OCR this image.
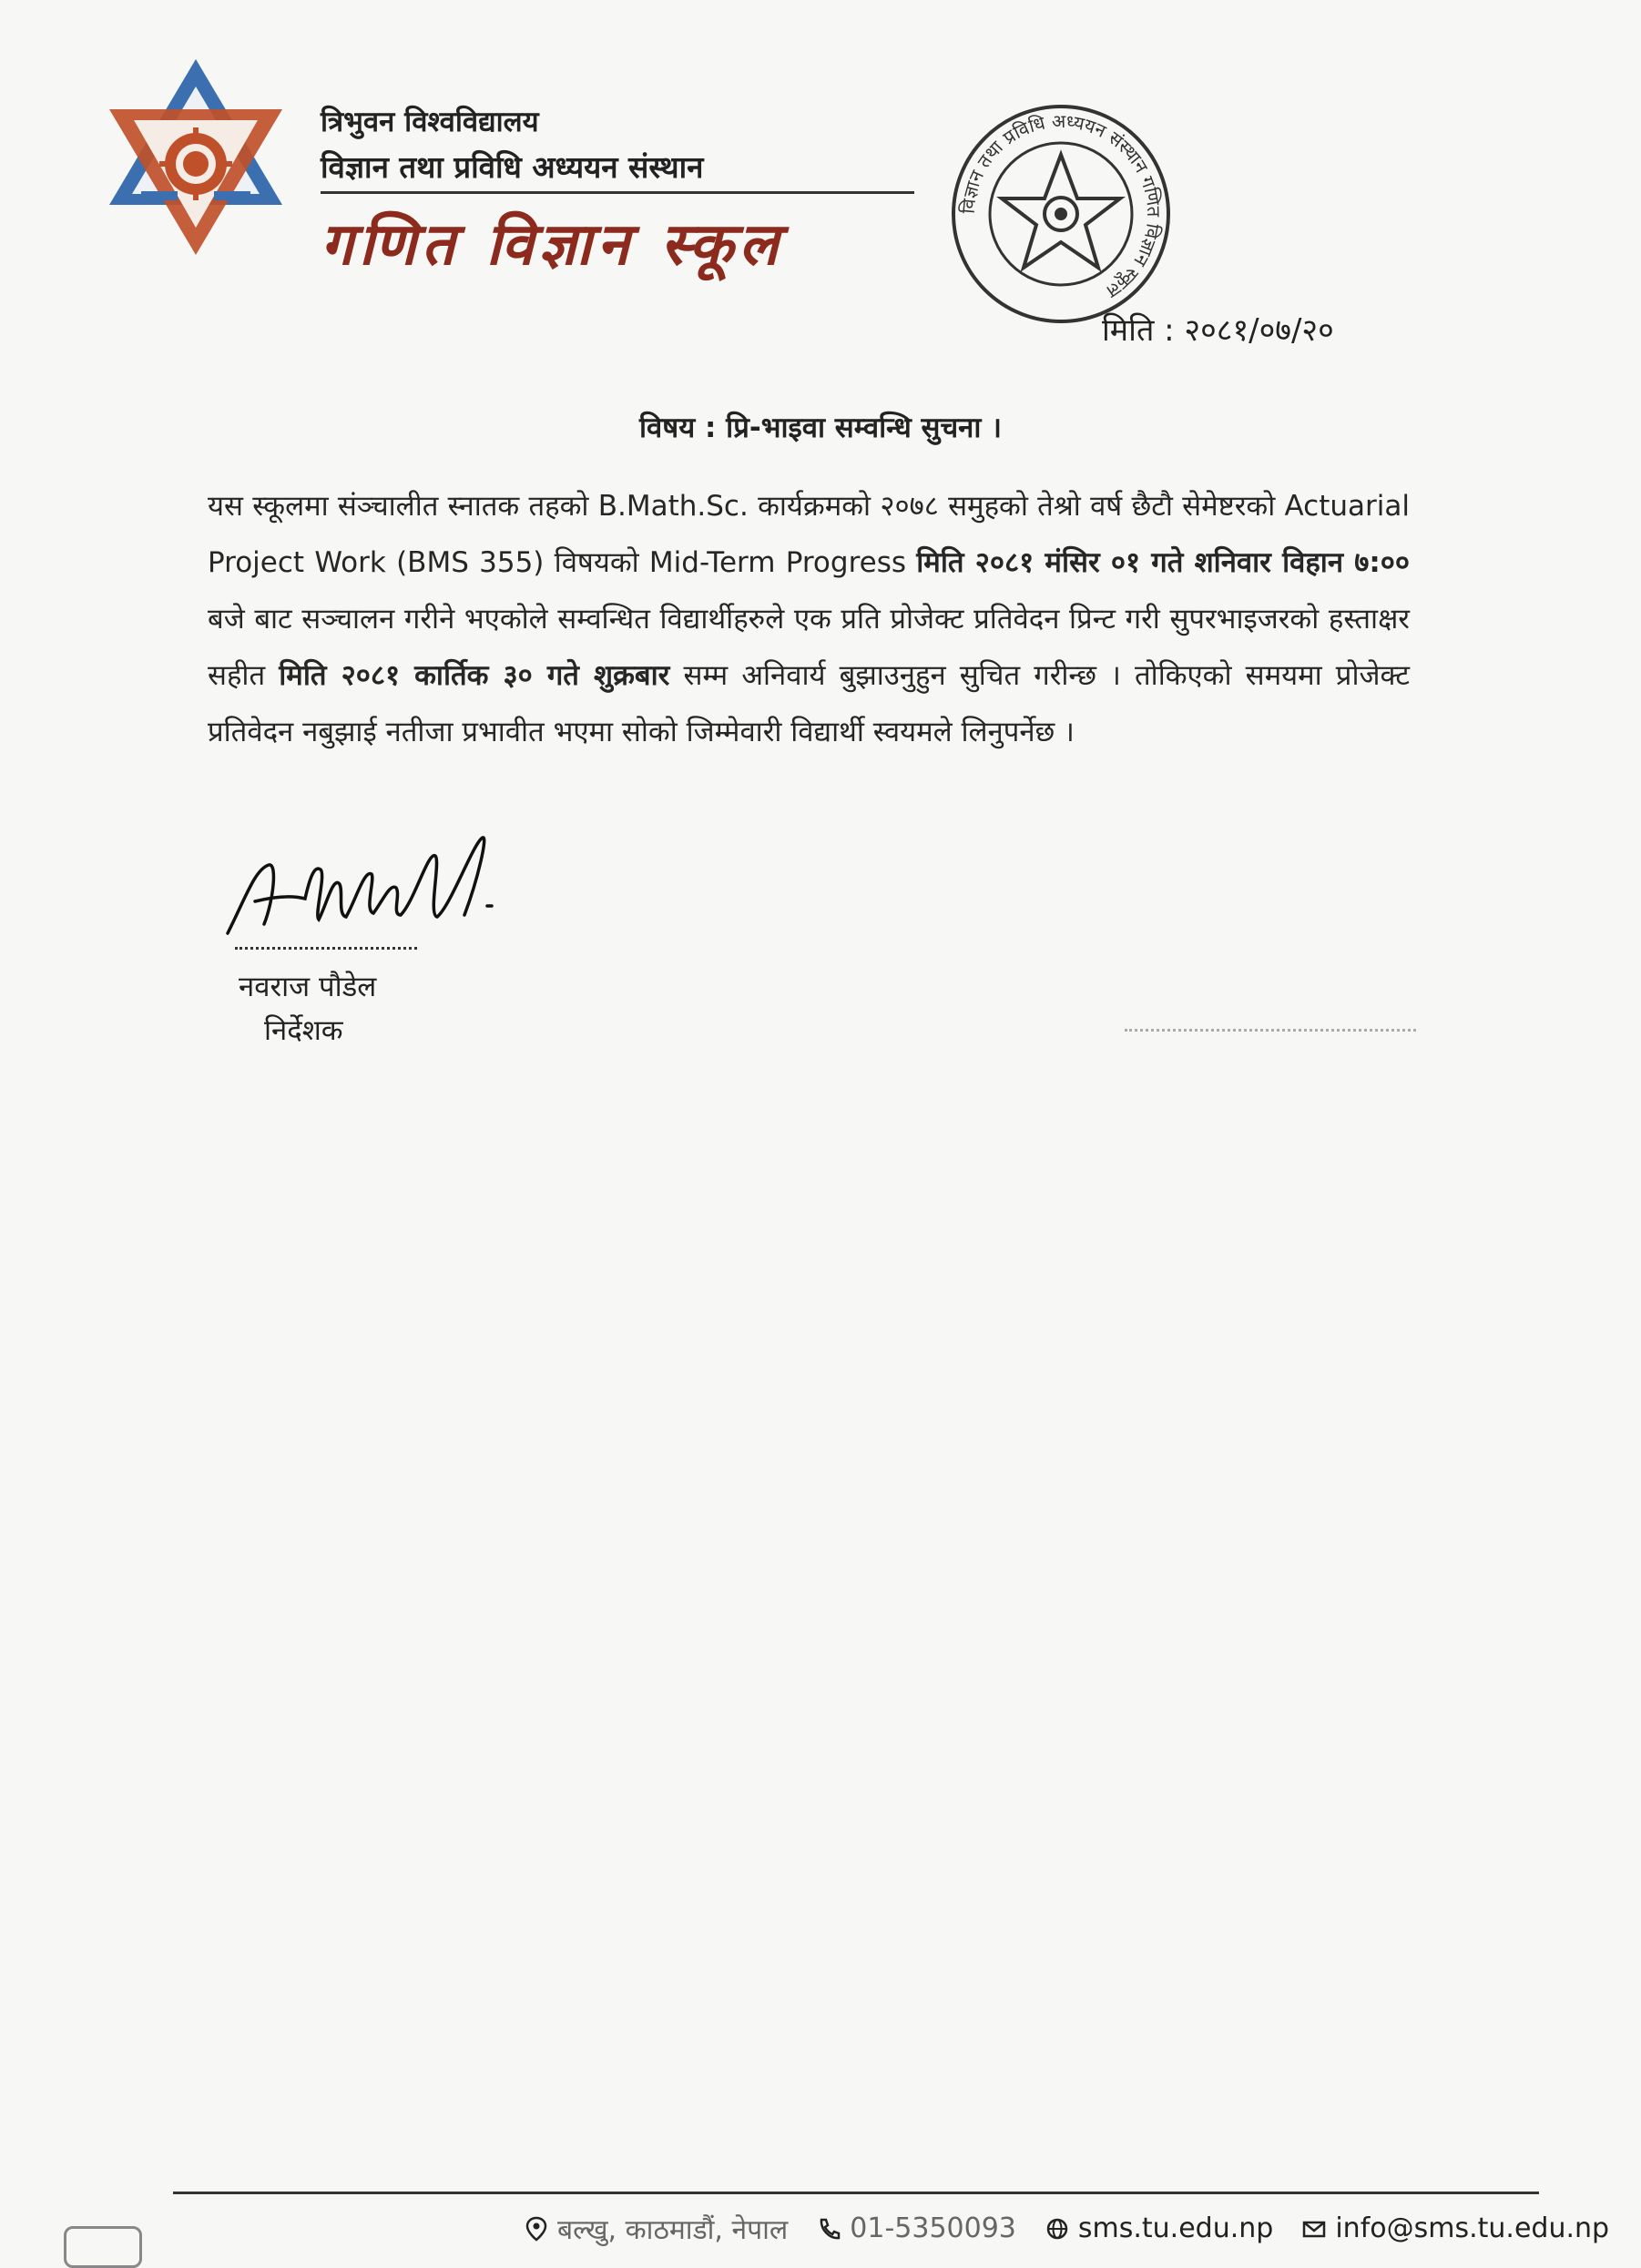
त्रिभुवन विश्वविद्यालय
विज्ञान तथा प्रविधि अध्ययन संस्थान
गणित विज्ञान स्कूल
विज्ञान तथा प्रविधि अध्ययन संस्थान गणित विज्ञान स्कूल
मिति : २०८१/०७/२०
विषय : प्रि-भाइवा सम्वन्धि सुचना ।
यस स्कूलमा संञ्चालीत स्नातक तहको B.Math.Sc. कार्यक्रमको २०७८ समुहको तेश्रो वर्ष छैटौ सेमेष्टरको Actuarial Project Work (BMS 355) विषयको Mid-Term Progress मिति २०८१ मंसिर ०१ गते शनिवार विहान ७:०० बजे बाट सञ्चालन गरीने भएकोले सम्वन्धित विद्यार्थीहरुले एक प्रति प्रोजेक्ट प्रतिवेदन प्रिन्ट गरी सुपरभाइजरको हस्ताक्षर सहीत मिति २०८१ कार्तिक ३० गते शुक्रबार सम्म अनिवार्य बुझाउनुहुन सुचित गरीन्छ । तोकिएको समयमा प्रोजेक्ट प्रतिवेदन नबुझाई नतीजा प्रभावीत भएमा सोको जिम्मेवारी विद्यार्थी स्वयमले लिनुपर्नेछ ।
नवराज पौडेल
निर्देशक
बल्खु, काठमाडौं, नेपाल 01-5350093 sms.tu.edu.np info@sms.tu.edu.np
